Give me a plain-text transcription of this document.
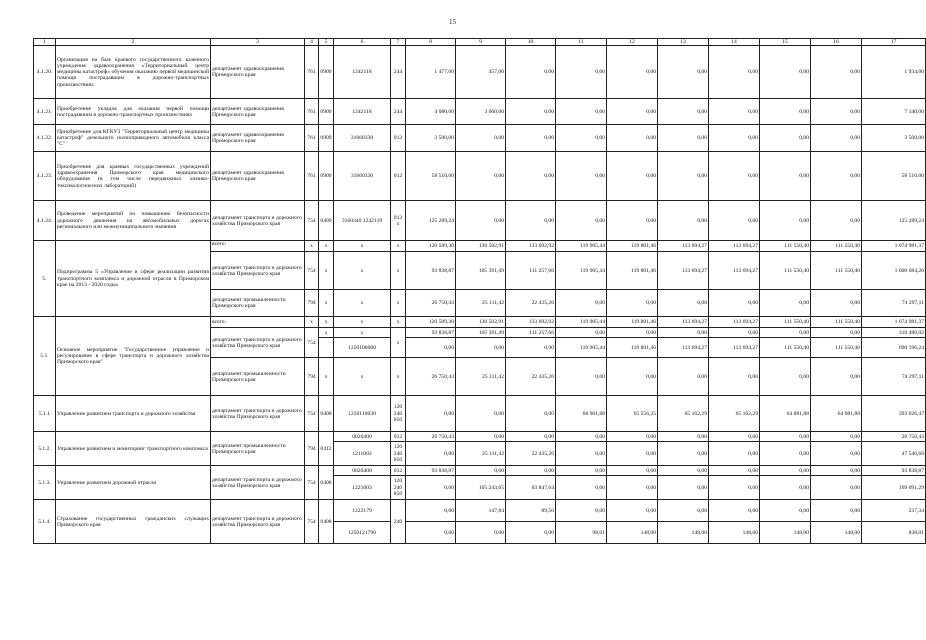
15
1	2	3	4	5	6	7	8	9	10	11	12	13	14	15	16	17
4.1.20.	Организация на базе краевого государственного казенного учреждения здравоохранения «Территориальный центр медицины катастроф» обучения оказанию первой медицинской помощи пострадавшим в дорожно-транспортных происшествиях	департамент здравоохранения Приморского края	761	0909	1242118	244	1 477,00	457,00	0,00	0,00	0,00	0,00	0,00	0,00	0,00	1 934,00
4.1.21.	Приобретение укладок для оказания первой помощи пострадавшим в дорожно-транспортных происшествиях	департамент здравоохранения Приморского края	761	0909	1242118	244	4 080,00	3 060,00	0,00	0,00	0,00	0,00	0,00	0,00	0,00	7 140,00
4.1.22.	Приобретение для КГКУЗ "Территориальный центр медицины катастроф" дизельного полноприводного автомобиля класса "С"	департамент здравоохранения Приморского края	761	0909	31660330	012	3 500,00	0,00	0,00	0,00	0,00	0,00	0,00	0,00	0,00	3 500,00
4.1.23.	Приобретение для краевых государственных учреждений здравоохранения Приморского края медицинского оборудования (в том числе передвижных химико-токсикологических лабораторий)	департамент здравоохранения Приморского края	761	0909	31660330	012	58 510,00	0,00	0,00	0,00	0,00	0,00	0,00	0,00	0,00	58 510,00
4.1.24.	Проведение мероприятий по повышению безопасности дорожного движения на автомобильных дорогах регионального или межмуниципального значения	департамент транспорта и дорожного хозяйства Приморского края	754	0409	3160340 1242119	012 x	125 289,24	0,00	0,00	0,00	0,00	0,00	0,00	0,00	0,00	125 289,24
5.	Подпрограмма 5 «Управление в сфере реализации развития транспортного комплекса и дорожной отрасли в Приморском крае на 2013 - 2020 годы»	всего:	x	x	x	x	120 589,30	130 502,91	133 692,92	119 905,44	119 801,46	113 694,27	113 694,27	111 550,40	111 550,40	1 074 981,37
		департамент транспорта и дорожного хозяйства Приморского края	754	x	x	x	93 838,87	105 391,49	111 257,66	119 905,44	119 801,46	113 694,27	113 694,27	111 550,40	111 550,40	1 000 684,26
		департамент промышленности Приморского края	794	x	x	x	26 750,43	25 111,42	22 435,26	0,00	0,00	0,00	0,00	0,00	0,00	74 297,11
5.1.	Основное мероприятие "Государственное управление и регулирование в сфере транспорта и дорожного хозяйства Приморского края"	всего:	x	x	x	x	120 589,30	130 502,91	133 692,92	119 905,44	119 801,46	113 694,27	113 694,27	111 550,40	111 550,40	1 074 981,37
		департамент транспорта и дорожного хозяйства Приморского края	754	x	x	x	93 838,87	105 391,49	111 257,66	0,00	0,00	0,00	0,00	0,00	0,00	310 488,02
					1250100000		0,00	0,00	0,00	119 905,44	119 801,46	113 694,27	113 694,27	111 550,40	111 550,40	690 196,24
		департамент промышленности Приморского края	794	x	x	x	26 750,43	25 111,42	22 435,26	0,00	0,00	0,00	0,00	0,00	0,00	74 297,11
5.1.1	Управление развитием транспорта и дорожного хозяйства	департамент транспорта и дорожного хозяйства Приморского края	754	0408	1250110030	120 240 850	0,00	0,00	0,00	68 961,88	65 556,25	65 162,29	65 162,29	64 081,88	64 081,88	393 026,47
5.1.2.	Управление развитием и мониторинг транспортного комплекса	департамент промышленности Приморского края	794	0412	0020400	012	26 750,43	0,00	0,00	0,00	0,00	0,00	0,00	0,00	0,00	26 750,43
					1211003	120 240 850	0,00	25 111,42	22 435,26	0,00	0,00	0,00	0,00	0,00	0,00	47 546,68
5.1.3.	Управление развитием дорожной отрасли	департамент транспорта и дорожного хозяйства Приморского края	754	0408	0020400	012	93 838,87	0,00	0,00	0,00	0,00	0,00	0,00	0,00	0,00	93 838,87
					1221003	120 240 850	0,00	105 243,65	63 847,64	0,00	0,00	0,00	0,00	0,00	0,00	169 091,29
5.1.4.	Страхование государственных гражданских служащих Приморского края	департамент транспорта и дорожного хозяйства Приморского края	754	0408	1222179	240	0,00	147,84	89,50	0,00	0,00	0,00	0,00	0,00	0,00	237,34
					1250121790		0,00	0,00	0,00	98,01	148,00	148,00	148,00	148,00	148,00	838,01
